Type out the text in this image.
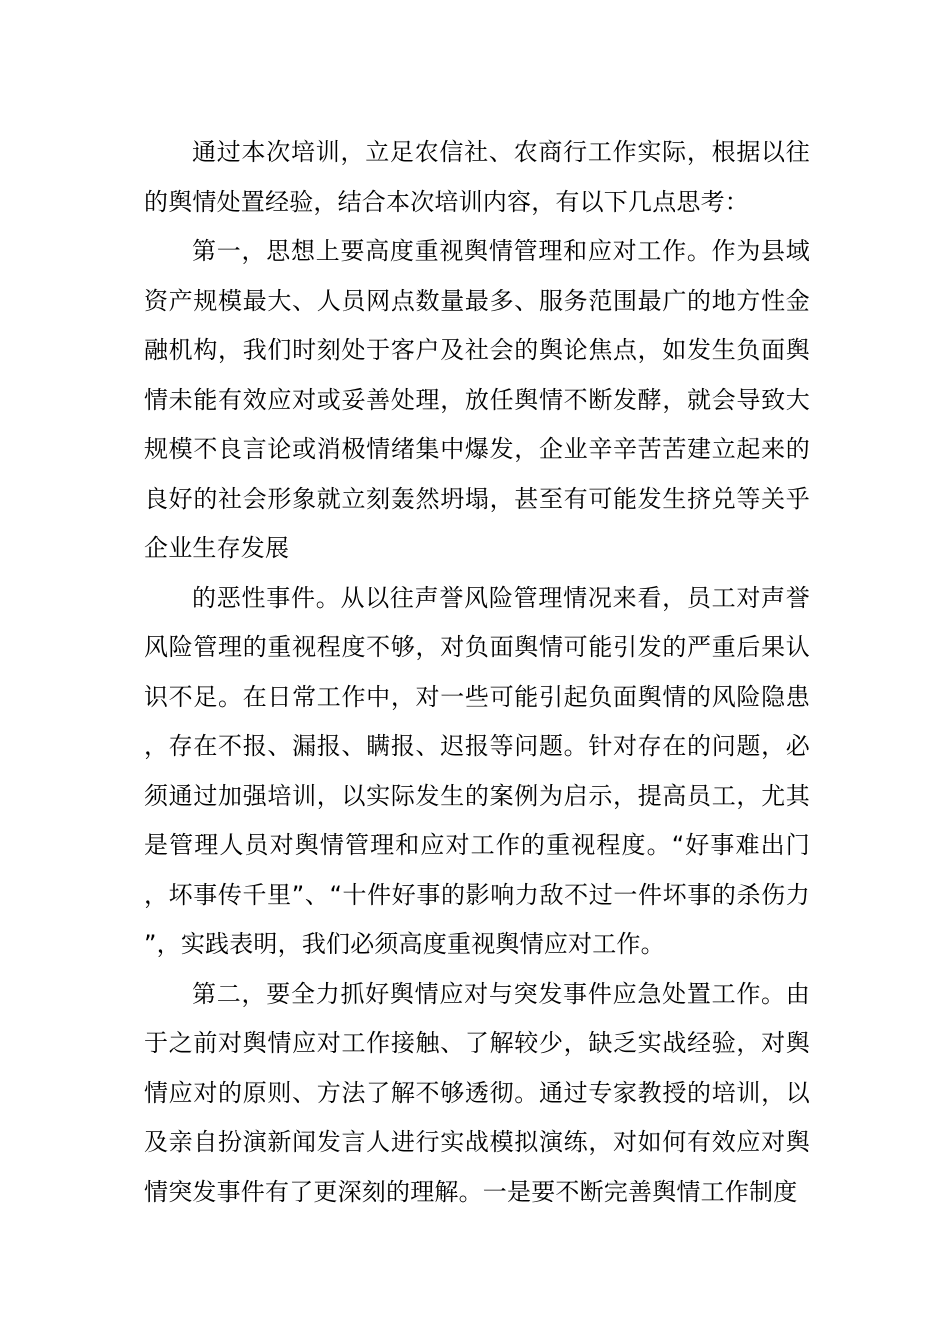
通过本次培训，立足农信社、农商行工作实际，根据以往的舆情处置经验，结合本次培训内容，有以下几点思考：

第一，思想上要高度重视舆情管理和应对工作。作为县域资产规模最大、人员网点数量最多、服务范围最广的地方性金融机构，我们时刻处于客户及社会的舆论焦点，如发生负面舆情未能有效应对或妥善处理，放任舆情不断发酵，就会导致大规模不良言论或消极情绪集中爆发，企业辛辛苦苦建立起来的良好的社会形象就立刻轰然坍塌，甚至有可能发生挤兑等关乎企业生存发展

的恶性事件。从以往声誉风险管理情况来看，员工对声誉风险管理的重视程度不够，对负面舆情可能引发的严重后果认识不足。在日常工作中，对一些可能引起负面舆情的风险隐患，存在不报、漏报、瞒报、迟报等问题。针对存在的问题，必须通过加强培训，以实际发生的案例为启示，提高员工，尤其是管理人员对舆情管理和应对工作的重视程度。“好事难出门，坏事传千里”、“十件好事的影响力敌不过一件坏事的杀伤力”，实践表明，我们必须高度重视舆情应对工作。

第二，要全力抓好舆情应对与突发事件应急处置工作。由于之前对舆情应对工作接触、了解较少，缺乏实战经验，对舆情应对的原则、方法了解不够透彻。通过专家教授的培训，以及亲自扮演新闻发言人进行实战模拟演练，对如何有效应对舆情突发事件有了更深刻的理解。一是要不断完善舆情工作制度
